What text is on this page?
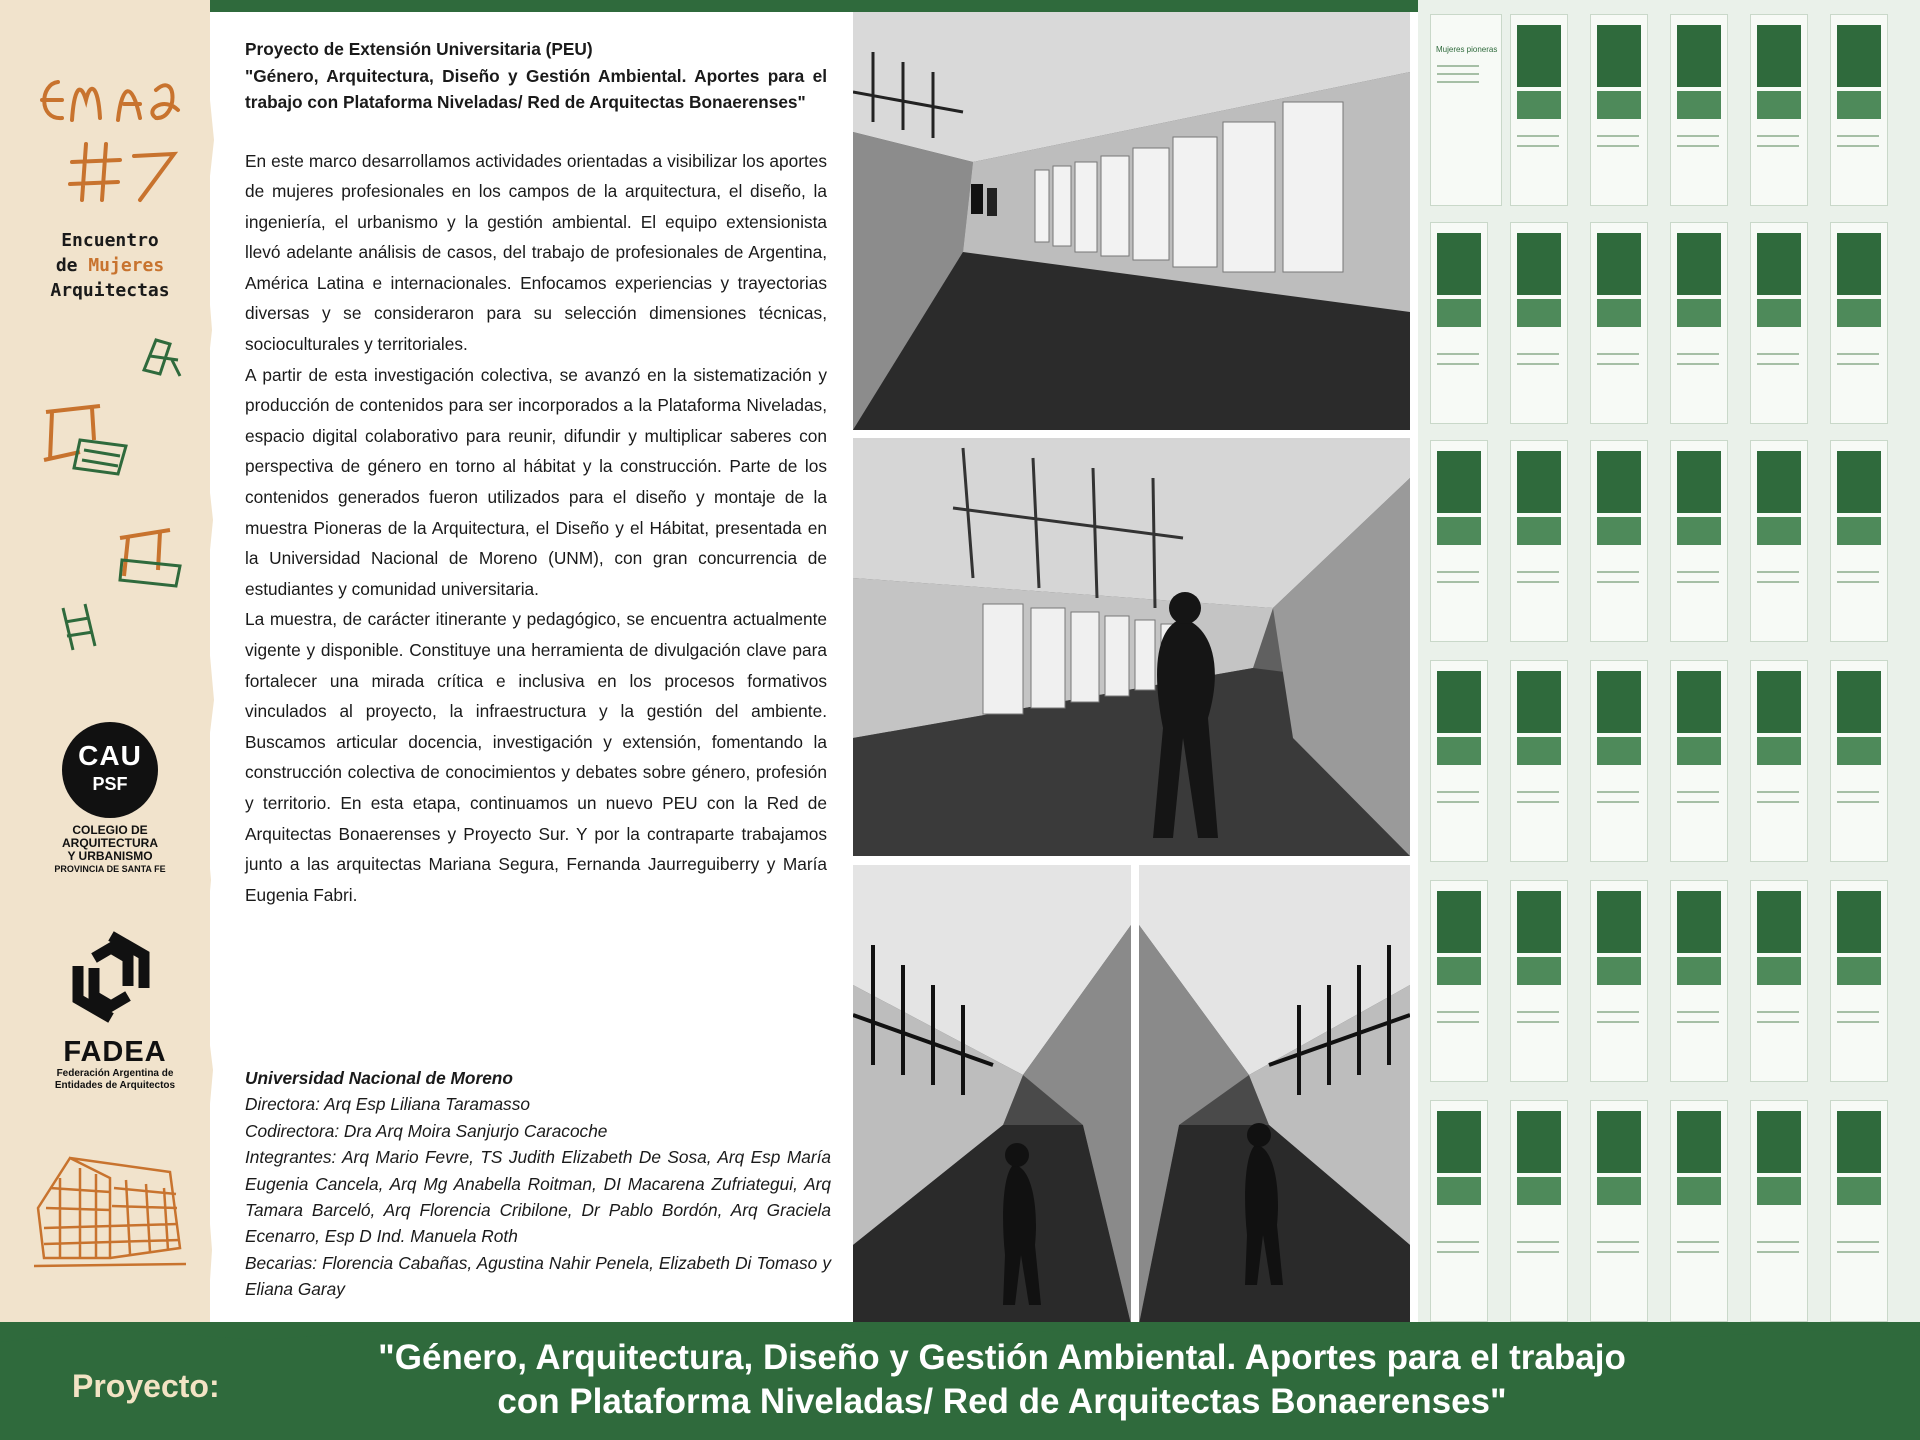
Encuentro
de Mujeres
Arquitectas
CAU
PSF
COLEGIO DE
ARQUITECTURA
Y URBANISMO
PROVINCIA DE SANTA FE
FADEA
Federación Argentina de
Entidades de Arquitectos

Proyecto de Extensión Universitaria (PEU)

"Género, Arquitectura, Diseño y Gestión Ambiental. Aportes para el trabajo con Plataforma Niveladas/ Red de Arquitectas Bonaerenses"

En este marco desarrollamos actividades orientadas a visibilizar los aportes de mujeres profesionales en los campos de la arquitectura, el diseño, la ingeniería, el urbanismo y la gestión ambiental. El equipo extensionista llevó adelante análisis de casos, del trabajo de profesionales de Argentina, América Latina e internacionales. Enfocamos experiencias y trayectorias diversas y se consideraron para su selección dimensiones técnicas, socioculturales y territoriales.

A partir de esta investigación colectiva, se avanzó en la sistematización y producción de contenidos para ser incorporados a la Plataforma Niveladas, espacio digital colaborativo para reunir, difundir y multiplicar saberes con perspectiva de género en torno al hábitat y la construcción. Parte de los contenidos generados fueron utilizados para el diseño y montaje de la muestra Pioneras de la Arquitectura, el Diseño y el Hábitat, presentada en la Universidad Nacional de Moreno (UNM), con gran concurrencia de estudiantes y comunidad universitaria.

La muestra, de carácter itinerante y pedagógico, se encuentra actualmente vigente y disponible. Constituye una herramienta de divulgación clave para fortalecer una mirada crítica e inclusiva en los procesos formativos vinculados al proyecto, la infraestructura y la gestión del ambiente. Buscamos articular docencia, investigación y extensión, fomentando la construcción colectiva de conocimientos y debates sobre género, profesión y territorio. En esta etapa, continuamos un nuevo PEU con la Red de Arquitectas Bonaerenses y Proyecto Sur. Y por la contraparte trabajamos junto a las arquitectas Mariana Segura, Fernanda Jaurreguiberry y María Eugenia Fabri.

Universidad Nacional de Moreno

Directora: Arq Esp Liliana Taramasso

Codirectora: Dra Arq Moira Sanjurjo Caracoche

Integrantes: Arq Mario Fevre, TS Judith Elizabeth De Sosa, Arq Esp María Eugenia Cancela, Arq Mg Anabella Roitman, DI Macarena Zufriategui, Arq Tamara Barceló, Arq Florencia Cribilone, Dr Pablo Bordón, Arq Graciela Ecenarro, Esp D Ind. Manuela Roth

Becarias: Florencia Cabañas, Agustina Nahir Penela, Elizabeth Di Tomaso y Eliana Garay

Mujeres pioneras
Proyecto:
"Género, Arquitectura, Diseño y Gestión Ambiental. Aportes para el trabajo
con Plataforma Niveladas/ Red de Arquitectas Bonaerenses"
